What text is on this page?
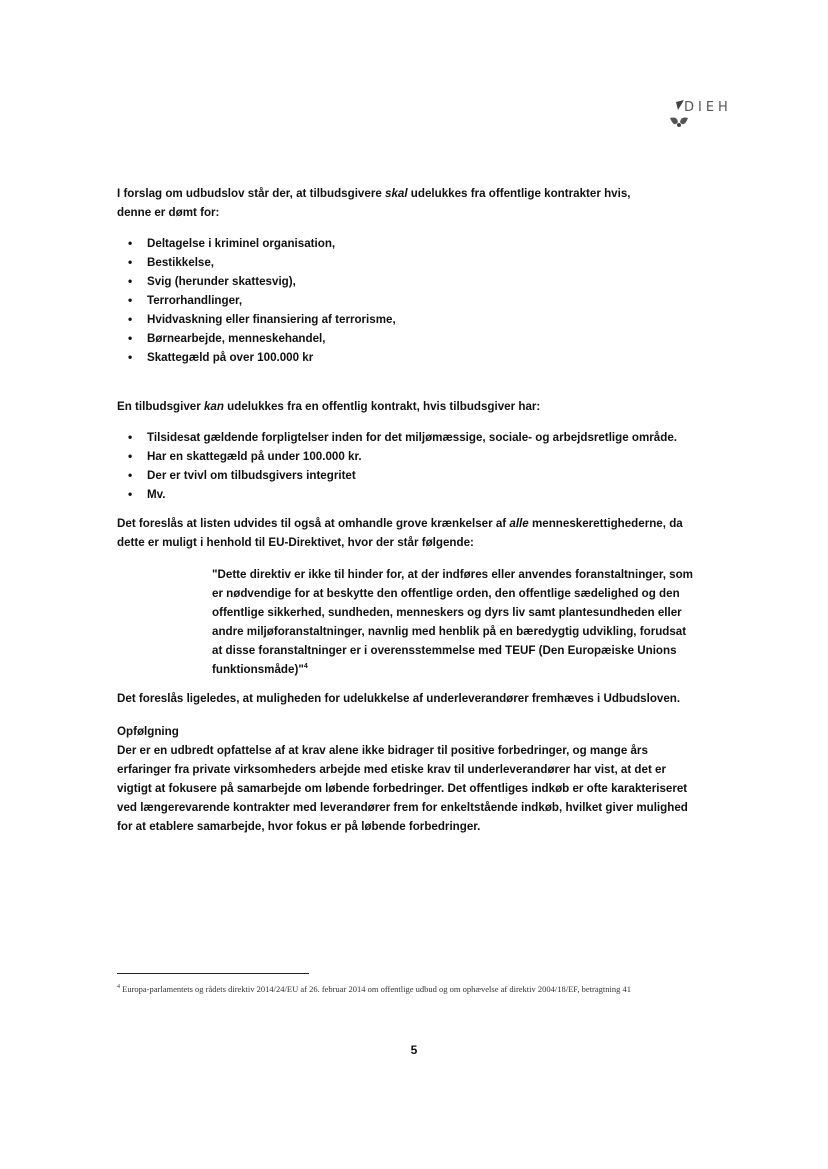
DIEH

I forslag om udbudslov står der, at tilbudsgivere skal udelukkes fra offentlige kontrakter hvis,
denne er dømt for:

• Deltagelse i kriminel organisation,
• Bestikkelse,
• Svig (herunder skattesvig),
• Terrorhandlinger,
• Hvidvaskning eller finansiering af terrorisme,
• Børnearbejde, menneskehandel,
• Skattegæld på over 100.000 kr

En tilbudsgiver kan udelukkes fra en offentlig kontrakt, hvis tilbudsgiver har:

• Tilsidesat gældende forpligtelser inden for det miljømæssige, sociale- og arbejdsretlige område.
• Har en skattegæld på under 100.000 kr.
• Der er tvivl om tilbudsgivers integritet
• Mv.

Det foreslås at listen udvides til også at omhandle grove krænkelser af alle menneskerettighederne, da dette er muligt i henhold til EU-Direktivet, hvor der står følgende:

"Dette direktiv er ikke til hinder for, at der indføres eller anvendes foranstaltninger, som er nødvendige for at beskytte den offentlige orden, den offentlige sædelighed og den offentlige sikkerhed, sundheden, menneskers og dyrs liv samt plantesundheden eller andre miljøforanstaltninger, navnlig med henblik på en bæredygtig udvikling, forudsat at disse foranstaltninger er i overensstemmelse med TEUF (Den Europæiske Unions funktionsmåde)"$^4$

Det foreslås ligeledes, at muligheden for udelukkelse af underleverandører fremhæves i Udbudsloven.

Opfølgning

Der er en udbredt opfattelse af at krav alene ikke bidrager til positive forbedringer, og mange års erfaringer fra private virksomheders arbejde med etiske krav til underleverandører har vist, at det er vigtigt at fokusere på samarbejde om løbende forbedringer. Det offentliges indkøb er ofte karakteriseret ved længerevarende kontrakter med leverandører frem for enkeltstående indkøb, hvilket giver mulighed for at etablere samarbejde, hvor fokus er på løbende forbedringer.

$^4$ Europa-parlamentets og rådets direktiv 2014/24/EU af 26. februar 2014 om offentlige udbud og om ophævelse af direktiv 2004/18/EF, betragtning 41
5
